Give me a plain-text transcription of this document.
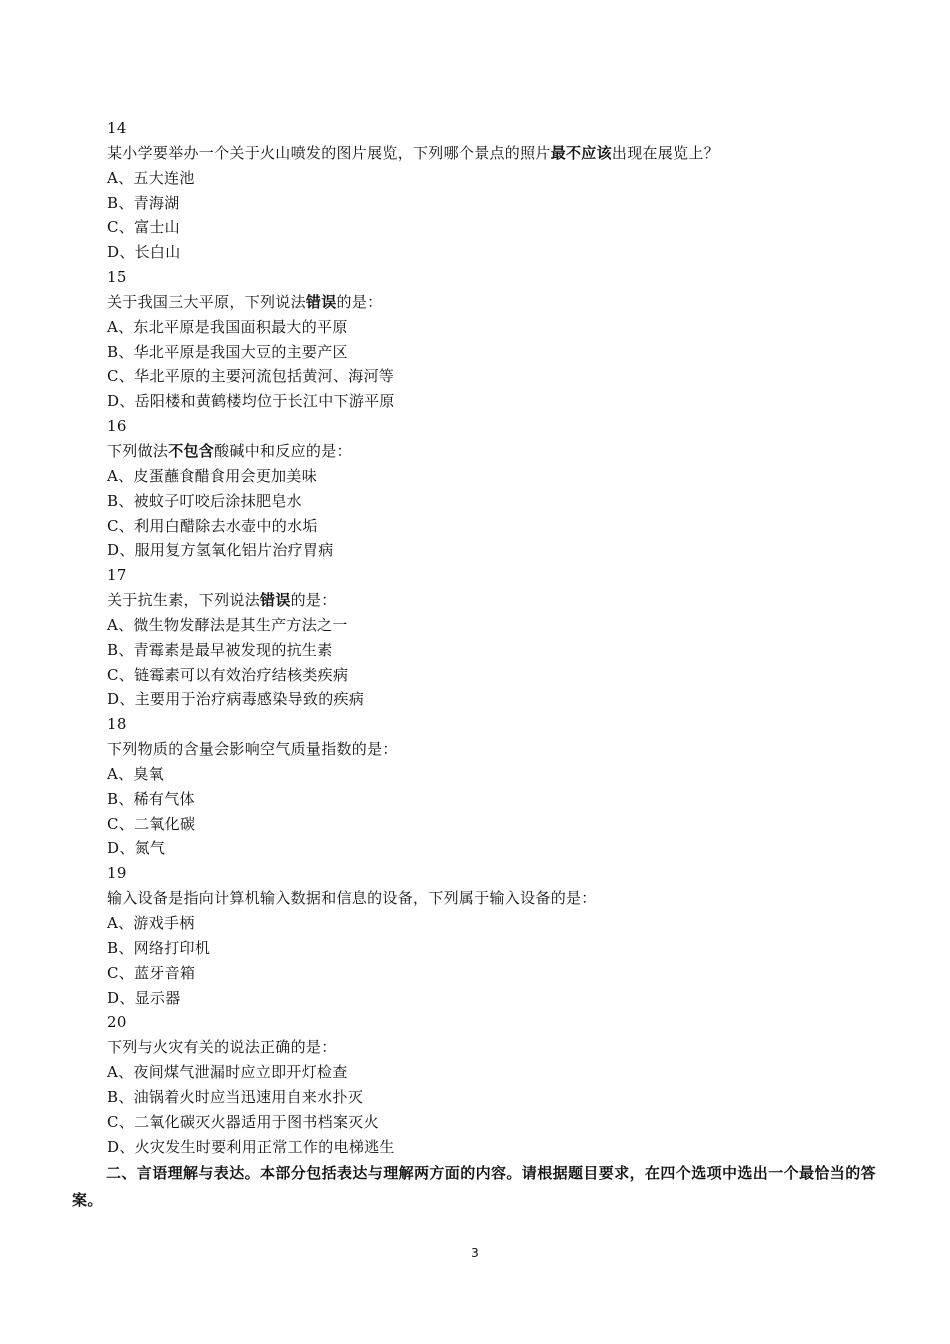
14
某小学要举办一个关于火山喷发的图片展览，下列哪个景点的照片最不应该出现在展览上？
A、五大连池
B、青海湖
C、富士山
D、长白山
15
关于我国三大平原，下列说法错误的是：
A、东北平原是我国面积最大的平原
B、华北平原是我国大豆的主要产区
C、华北平原的主要河流包括黄河、海河等
D、岳阳楼和黄鹤楼均位于长江中下游平原
16
下列做法不包含酸碱中和反应的是：
A、皮蛋蘸食醋食用会更加美味
B、被蚊子叮咬后涂抹肥皂水
C、利用白醋除去水壶中的水垢
D、服用复方氢氧化铝片治疗胃病
17
关于抗生素，下列说法错误的是：
A、微生物发酵法是其生产方法之一
B、青霉素是最早被发现的抗生素
C、链霉素可以有效治疗结核类疾病
D、主要用于治疗病毒感染导致的疾病
18
下列物质的含量会影响空气质量指数的是：
A、臭氧
B、稀有气体
C、二氧化碳
D、氮气
19
输入设备是指向计算机输入数据和信息的设备，下列属于输入设备的是：
A、游戏手柄
B、网络打印机
C、蓝牙音箱
D、显示器
20
下列与火灾有关的说法正确的是：
A、夜间煤气泄漏时应立即开灯检查
B、油锅着火时应当迅速用自来水扑灭
C、二氧化碳灭火器适用于图书档案灭火
D、火灾发生时要利用正常工作的电梯逃生
二、言语理解与表达。本部分包括表达与理解两方面的内容。请根据题目要求，在四个选项中选出一个最恰当的答案。
3
